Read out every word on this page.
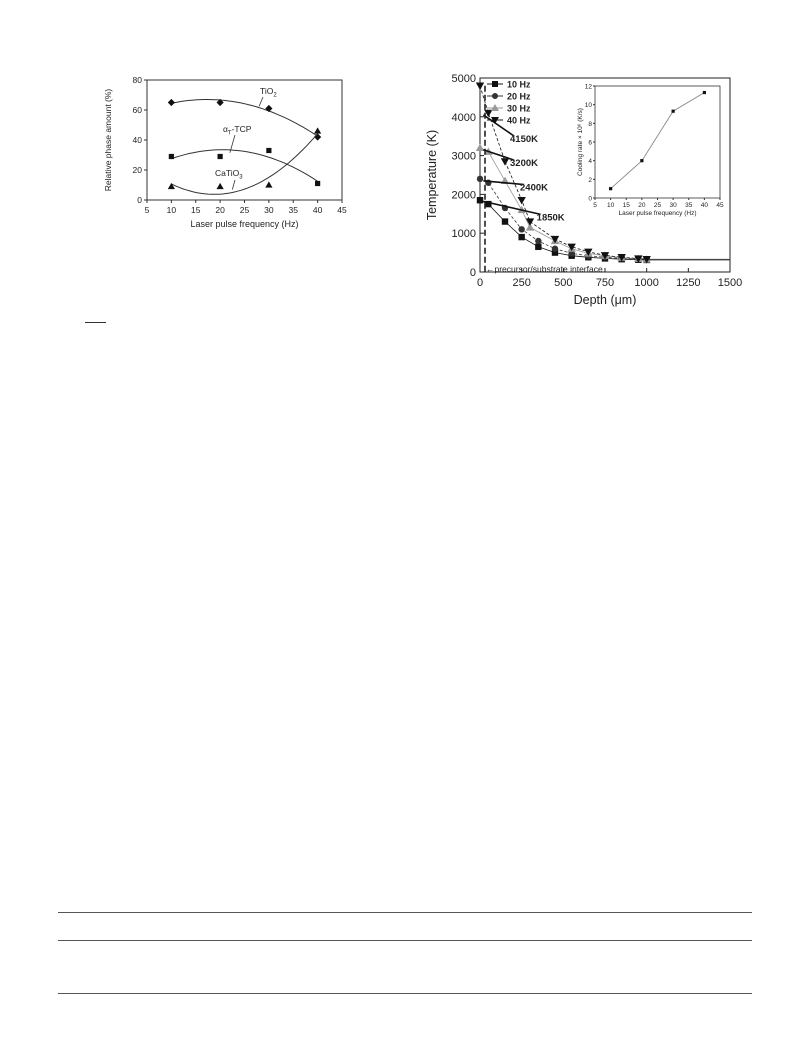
5 10 15 20 25 30 35 40 45
0
20
40
60
80
Laser pulse frequency (Hz)
Relative phase amount (%)	TiO$_2$
$\alpha_T$-TCP
CaTiO$_3$
0	250 500 750 1000 1250 1500
0
1000
2000
3000
4000
5000
Depth (μm)
Temperature (K)	4150K
3200K
2400K
1850K
←precursor/substrate interface
10 Hz
20 Hz
30 Hz
40 Hz
5 10 15 20 25 30 35 40 45
0
2
4
6
8
10
12
Laser pulse frequency (Hz)
Cooling rate × 10⁶ (K/s)
